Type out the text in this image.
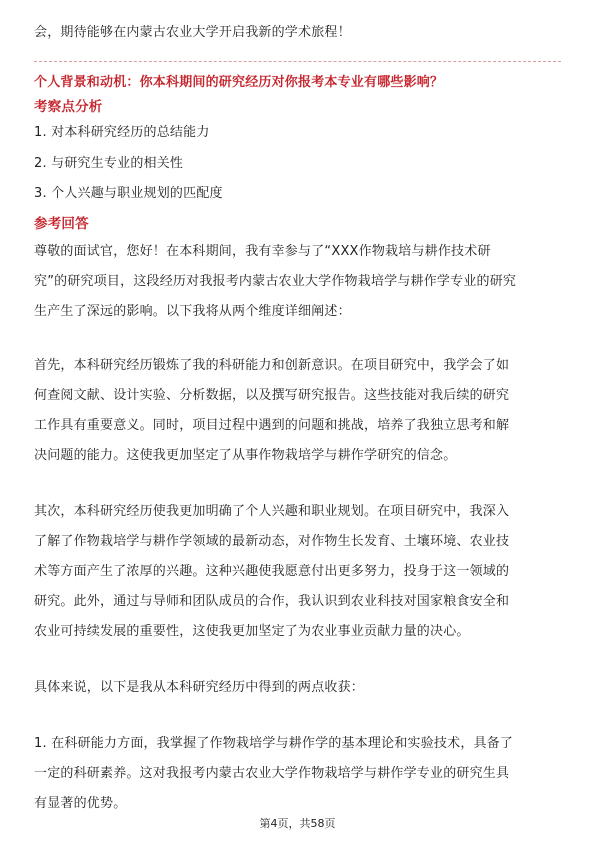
会，期待能够在内蒙古农业大学开启我新的学术旅程！
个人背景和动机：你本科期间的研究经历对你报考本专业有哪些影响？
考察点分析
1. 对本科研究经历的总结能力
2. 与研究生专业的相关性
3. 个人兴趣与职业规划的匹配度
参考回答
尊敬的面试官，您好！在本科期间，我有幸参与了“XXX作物栽培与耕作技术研
究”的研究项目，这段经历对我报考内蒙古农业大学作物栽培学与耕作学专业的研究
生产生了深远的影响。以下我将从两个维度详细阐述：
首先，本科研究经历锻炼了我的科研能力和创新意识。在项目研究中，我学会了如
何查阅文献、设计实验、分析数据，以及撰写研究报告。这些技能对我后续的研究
工作具有重要意义。同时，项目过程中遇到的问题和挑战，培养了我独立思考和解
决问题的能力。这使我更加坚定了从事作物栽培学与耕作学研究的信念。
其次，本科研究经历使我更加明确了个人兴趣和职业规划。在项目研究中，我深入
了解了作物栽培学与耕作学领域的最新动态，对作物生长发育、土壤环境、农业技
术等方面产生了浓厚的兴趣。这种兴趣使我愿意付出更多努力，投身于这一领域的
研究。此外，通过与导师和团队成员的合作，我认识到农业科技对国家粮食安全和
农业可持续发展的重要性，这使我更加坚定了为农业事业贡献力量的决心。
具体来说，以下是我从本科研究经历中得到的两点收获：
1. 在科研能力方面，我掌握了作物栽培学与耕作学的基本理论和实验技术，具备了
一定的科研素养。这对我报考内蒙古农业大学作物栽培学与耕作学专业的研究生具
有显著的优势。
第4页，共58页
